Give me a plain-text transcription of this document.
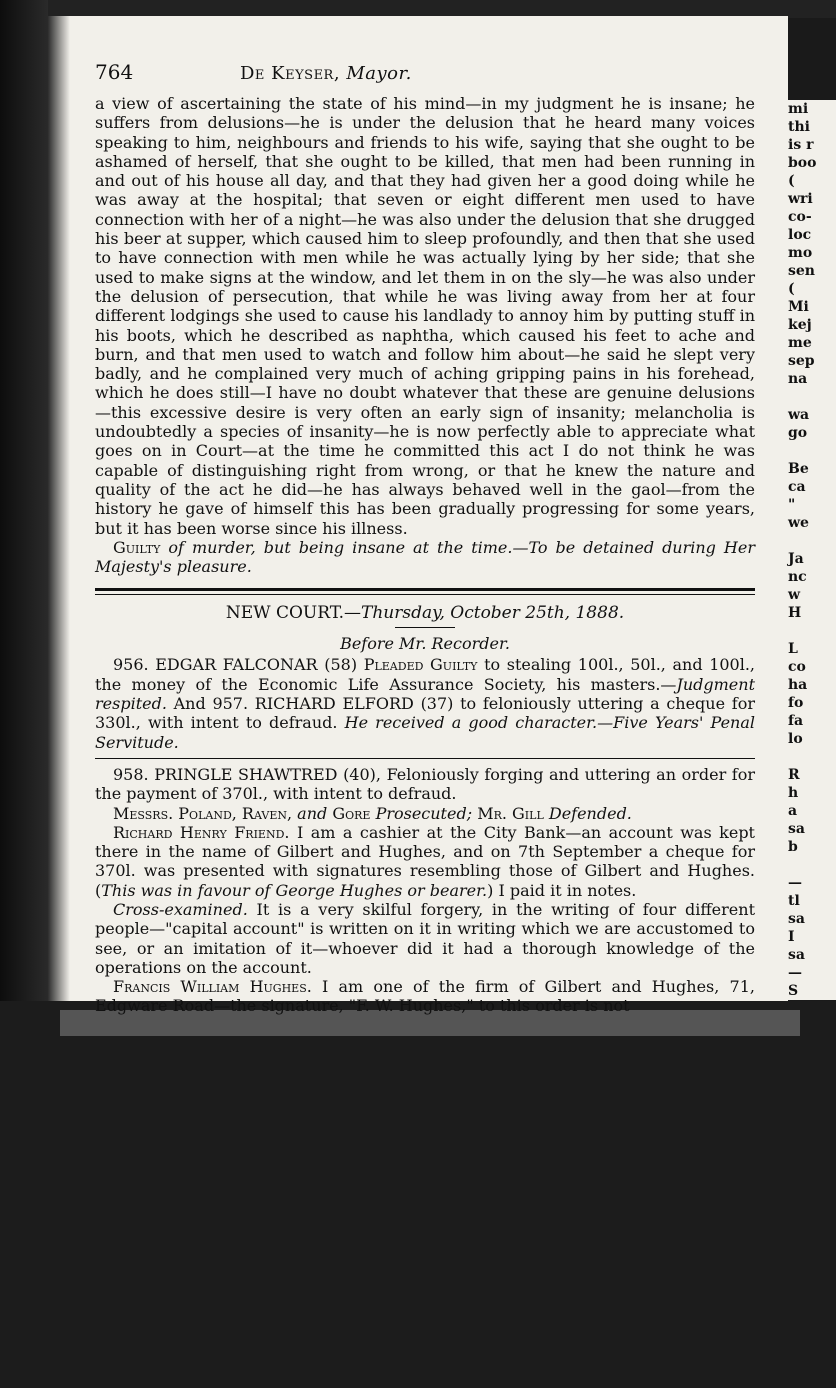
mi
thi
is r
boo
(
wri
co-
loc
mo
sen
(
Mi
kej
me
sep
na

wa
go

Be
ca
"
we

Ja
nc
w
H

L
co
ha
fo
fa
lo

R
h
a
sa
b

—
tl
sa
I
sa
—
S

764	De Keyser, Mayor.

a view of ascertaining the state of his mind—in my judgment he is insane; he suffers from delusions—he is under the delusion that he heard many voices speaking to him, neighbours and friends to his wife, saying that she ought to be ashamed of herself, that she ought to be killed, that men had been running in and out of his house all day, and that they had given her a good doing while he was away at the hospital; that seven or eight different men used to have connection with her of a night—he was also under the delusion that she drugged his beer at supper, which caused him to sleep profoundly, and then that she used to have connection with men while he was actually lying by her side; that she used to make signs at the window, and let them in on the sly—he was also under the delusion of persecution, that while he was living away from her at four different lodgings she used to cause his landlady to annoy him by putting stuff in his boots, which he described as naphtha, which caused his feet to ache and burn, and that men used to watch and follow him about—he said he slept very badly, and he complained very much of aching gripping pains in his forehead, which he does still—I have no doubt whatever that these are genuine delusions—this excessive desire is very often an early sign of insanity; melancholia is undoubtedly a species of insanity—he is now perfectly able to appreciate what goes on in Court—at the time he committed this act I do not think he was capable of distinguishing right from wrong, or that he knew the nature and quality of the act he did—he has always behaved well in the gaol—from the history he gave of himself this has been gradually progressing for some years, but it has been worse since his illness.

Guilty of murder, but being insane at the time.—To be detained during Her Majesty's pleasure.

NEW COURT.—Thursday, October 25th, 1888.
Before Mr. Recorder.

956. EDGAR FALCONAR (58) Pleaded Guilty to stealing 100l., 50l., and 100l., the money of the Economic Life Assurance Society, his masters.—Judgment respited. And 957. RICHARD ELFORD (37) to feloniously uttering a cheque for 330l., with intent to defraud. He received a good character.—Five Years' Penal Servitude.

958. PRINGLE SHAWTRED (40), Feloniously forging and uttering an order for the payment of 370l., with intent to defraud.

Messrs. Poland, Raven, and Gore Prosecuted; Mr. Gill Defended.

Richard Henry Friend. I am a cashier at the City Bank—an account was kept there in the name of Gilbert and Hughes, and on 7th September a cheque for 370l. was presented with signatures resembling those of Gilbert and Hughes. (This was in favour of George Hughes or bearer.) I paid it in notes.

Cross-examined. It is a very skilful forgery, in the writing of four different people—"capital account" is written on it in writing which we are accustomed to see, or an imitation of it—whoever did it had a thorough knowledge of the operations on the account.

Francis William Hughes. I am one of the firm of Gilbert and Hughes, 71, Edgware Road—the signature, "F. W. Hughes," to this order is not
